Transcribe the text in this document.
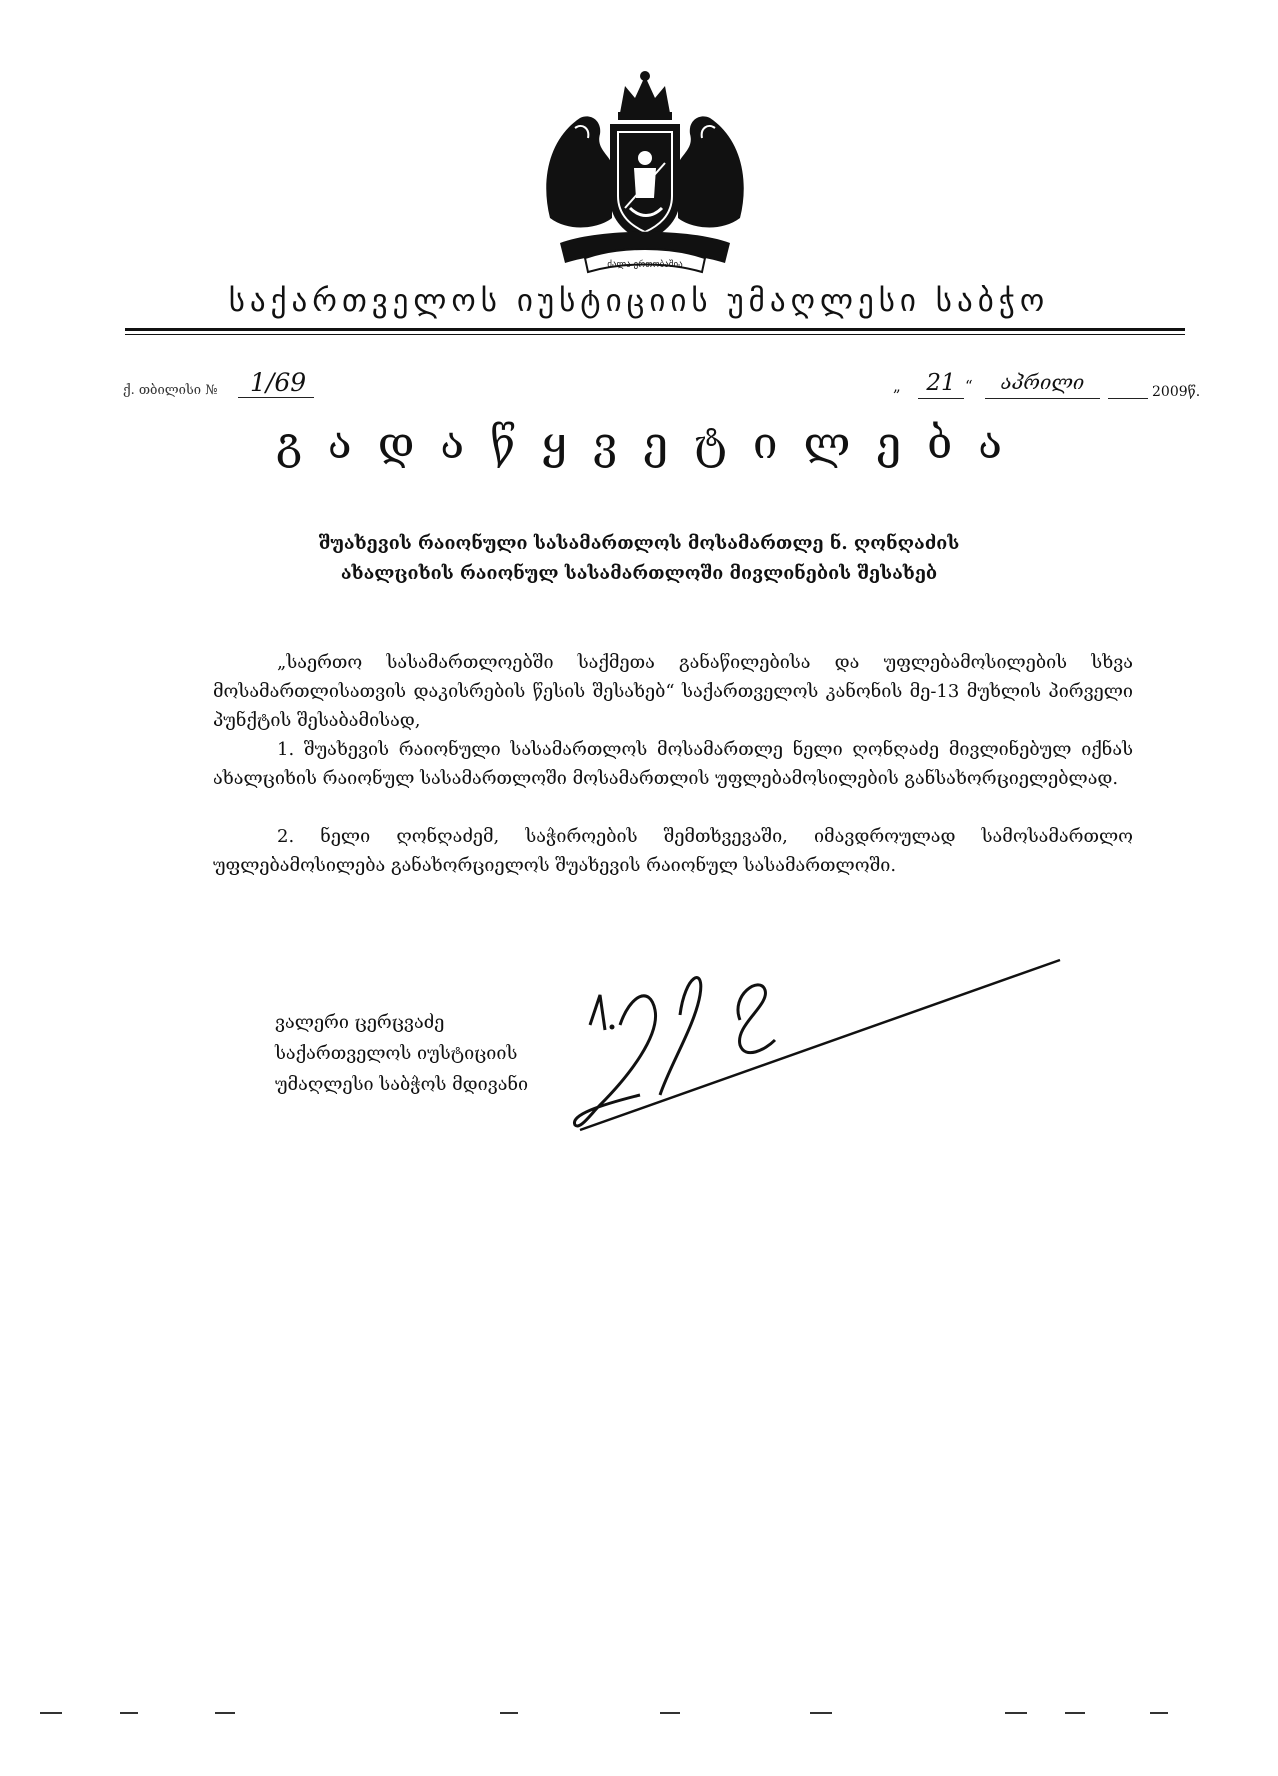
ძალა ერთობაშია
საქართველოს იუსტიციის უმაღლესი საბჭო
ქ. თბილისი №	1/69	„	21 “	აპრილი	2009წ.
გადაწყვეტილება
შუახევის რაიონული სასამართლოს მოსამართლე ნ. ღონღაძის
ახალციხის რაიონულ სასამართლოში მივლინების შესახებ
„საერთო სასამართლოებში საქმეთა განაწილებისა და უფლებამოსილების სხვა მოსამართლისათვის დაკისრების წესის შესახებ“ საქართველოს კანონის მე-13 მუხლის პირველი პუნქტის შესაბამისად,
1. შუახევის რაიონული სასამართლოს მოსამართლე ნელი ღონღაძე მივლინებულ იქნას ახალციხის რაიონულ სასამართლოში მოსამართლის უფლებამოსილების განსახორციელებლად.
2. ნელი ღონღაძემ, საჭიროების შემთხვევაში, იმავდროულად სამოსამართლო უფლებამოსილება განახორციელოს შუახევის რაიონულ სასამართლოში.
ვალერი ცერცვაძე
საქართველოს იუსტიციის
უმაღლესი საბჭოს მდივანი
